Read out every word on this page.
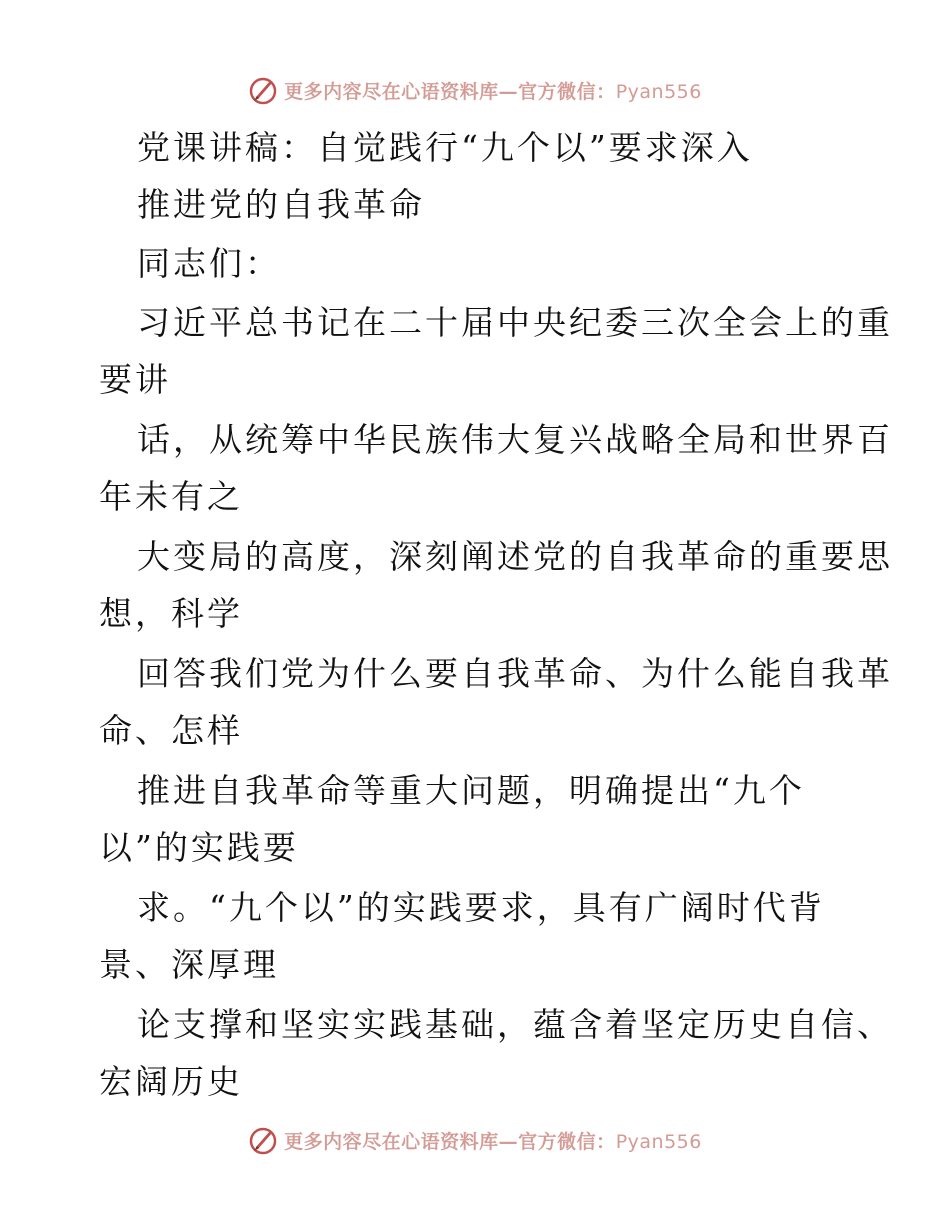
更多内容尽在心语资料库—官方微信：Pyan556
党课讲稿：自觉践行“九个以”要求深入
推进党的自我革命
同志们：
习近平总书记在二十届中央纪委三次全会上的重
要讲
话，从统筹中华民族伟大复兴战略全局和世界百
年未有之
大变局的高度，深刻阐述党的自我革命的重要思
想，科学
回答我们党为什么要自我革命、为什么能自我革
命、怎样
推进自我革命等重大问题，明确提出“九个
以”的实践要
求。“九个以”的实践要求，具有广阔时代背
景、深厚理
论支撑和坚实实践基础，蕴含着坚定历史自信、
宏阔历史
更多内容尽在心语资料库—官方微信：Pyan556
